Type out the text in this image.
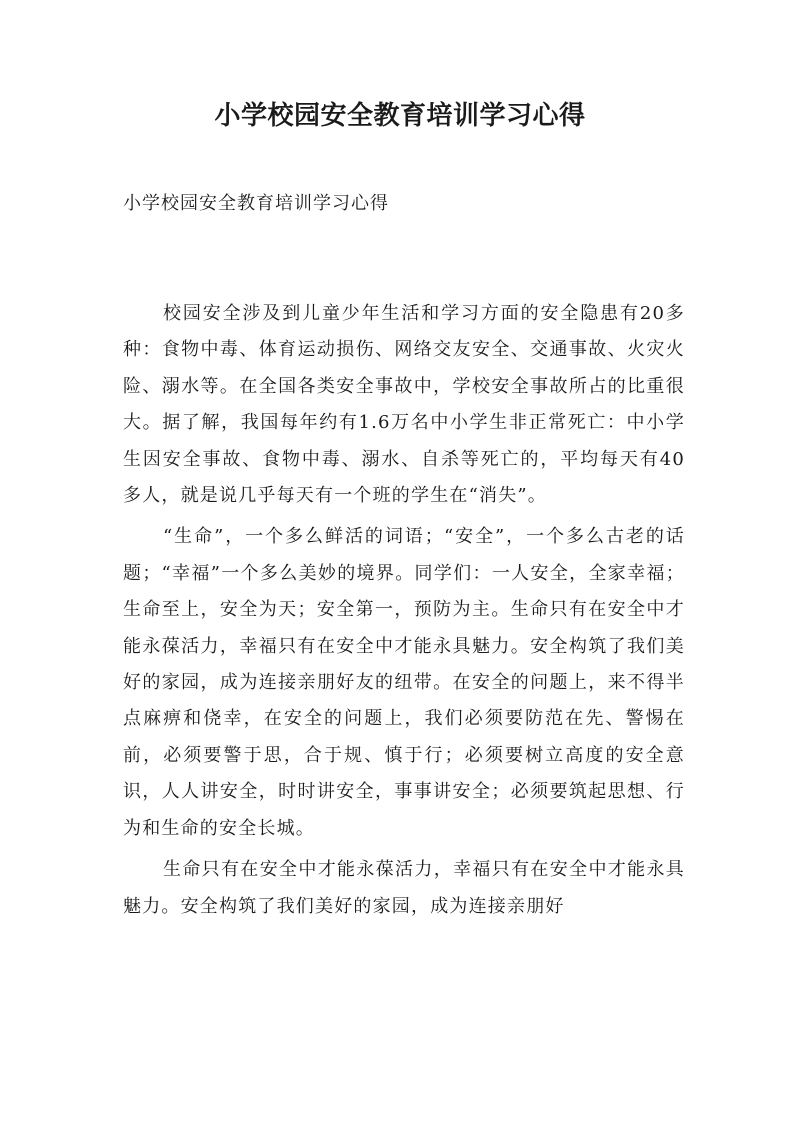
小学校园安全教育培训学习心得
小学校园安全教育培训学习心得

校园安全涉及到儿童少年生活和学习方面的安全隐患有20多种：食物中毒、体育运动损伤、网络交友安全、交通事故、火灾火险、溺水等。在全国各类安全事故中，学校安全事故所占的比重很大。据了解，我国每年约有1.6万名中小学生非正常死亡：中小学生因安全事故、食物中毒、溺水、自杀等死亡的，平均每天有40多人，就是说几乎每天有一个班的学生在“消失”。

“生命”，一个多么鲜活的词语；“安全”，一个多么古老的话题；“幸福”一个多么美妙的境界。同学们：一人安全，全家幸福；生命至上，安全为天；安全第一，预防为主。生命只有在安全中才能永葆活力，幸福只有在安全中才能永具魅力。安全构筑了我们美好的家园，成为连接亲朋好友的纽带。在安全的问题上，来不得半点麻痹和侥幸，在安全的问题上，我们必须要防范在先、警惕在前，必须要警于思，合于规、慎于行；必须要树立高度的安全意识，人人讲安全，时时讲安全，事事讲安全；必须要筑起思想、行为和生命的安全长城。

生命只有在安全中才能永葆活力，幸福只有在安全中才能永具魅力。安全构筑了我们美好的家园，成为连接亲朋好
